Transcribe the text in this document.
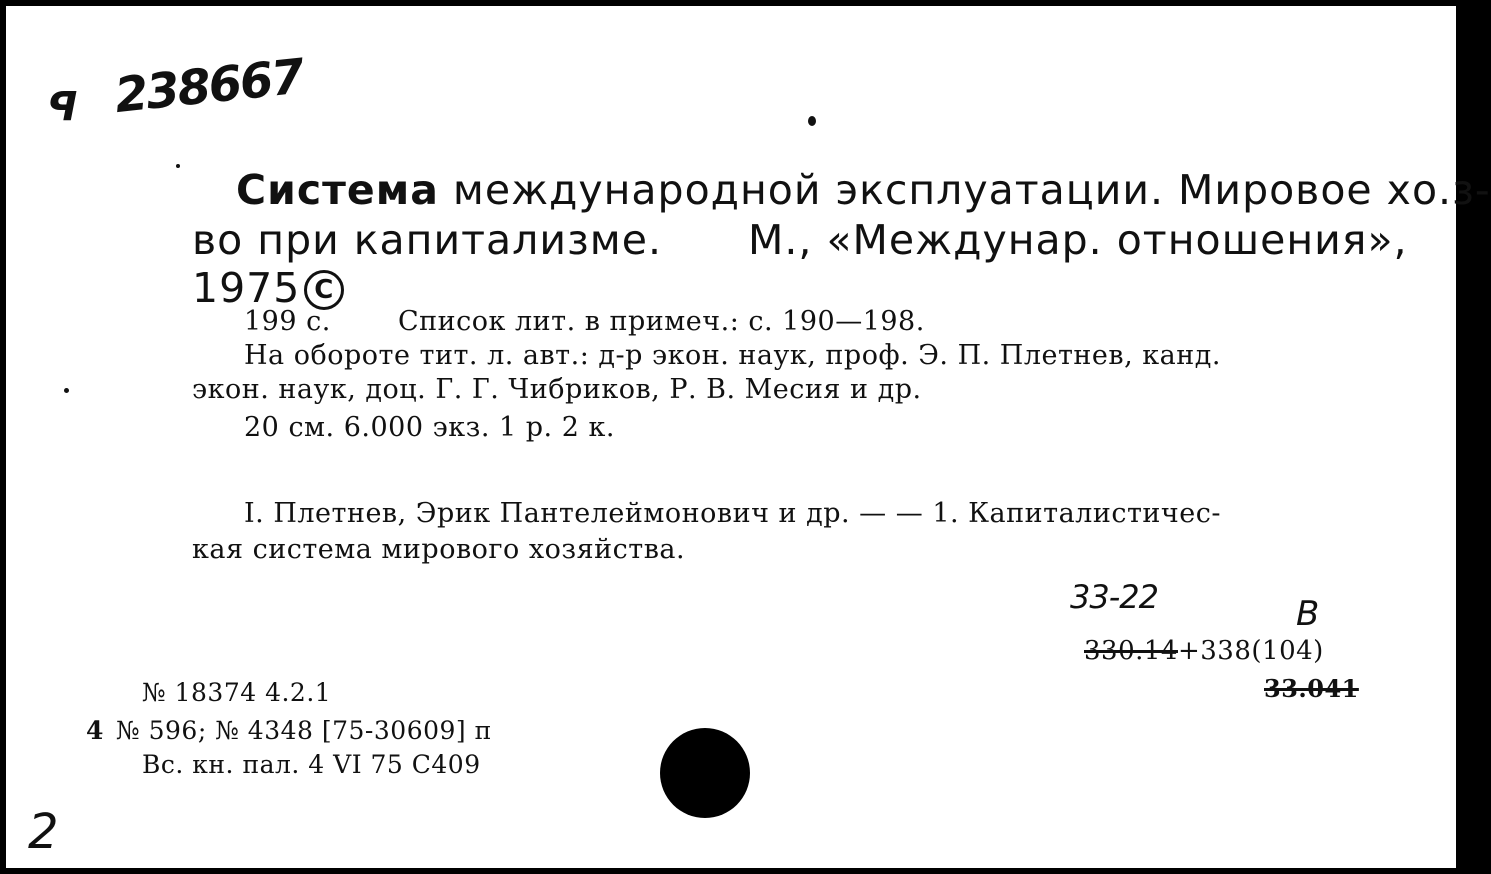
ꟼ 238667
Система международной эксплуатации. Мировое хо.з-
во при капитализме. М., «Междунар. отношения»,
1975 C
199 с. Список лит. в примеч.: с. 190—198.
На обороте тит. л. авт.: д-р экон. наук, проф. Э. П. Плетнев, канд.
экон. наук, доц. Г. Г. Чибриков, Р. В. Месия и др.
20 см. 6.000 экз. 1 р. 2 к.
I. Плетнев, Эрик Пантелеймонович и др. — — 1. Капиталистичес-
кая система мирового хозяйства.
33-22	В
330.14+338(104)
33.041
№ 18374 4.2.1
4 № 596; № 4348 [75-30609] п
Вс. кн. пал. 4 VI 75 С409
2
